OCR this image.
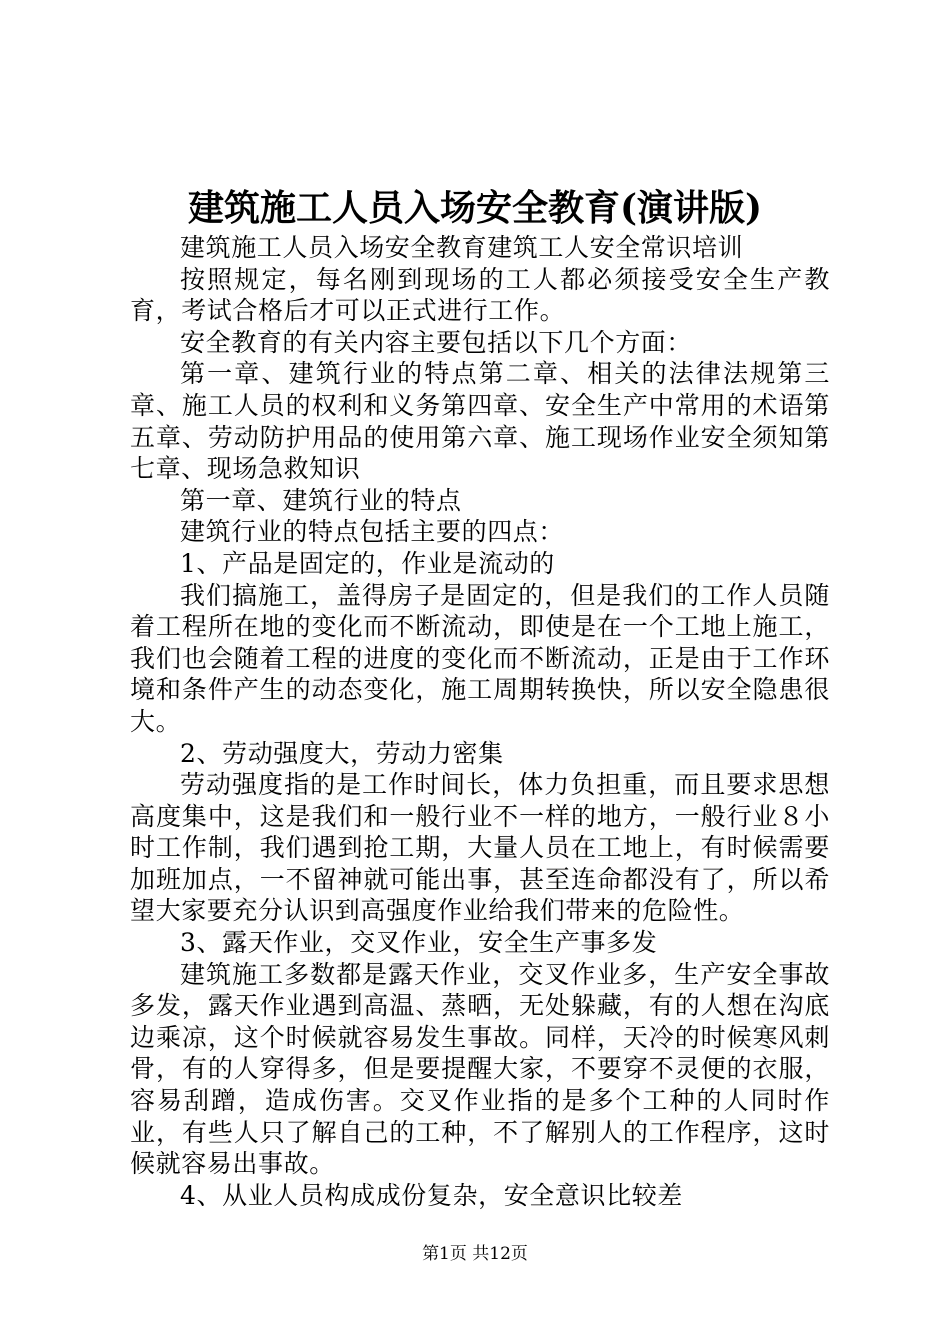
建筑施工人员入场安全教育(演讲版)

建筑施工人员入场安全教育建筑工人安全常识培训

按照规定，每名刚到现场的工人都必须接受安全生产教育，考试合格后才可以正式进行工作。

安全教育的有关内容主要包括以下几个方面：

第一章、建筑行业的特点第二章、相关的法律法规第三章、施工人员的权利和义务第四章、安全生产中常用的术语第五章、劳动防护用品的使用第六章、施工现场作业安全须知第七章、现场急救知识

第一章、建筑行业的特点

建筑行业的特点包括主要的四点：

1、产品是固定的，作业是流动的

我们搞施工，盖得房子是固定的，但是我们的工作人员随着工程所在地的变化而不断流动，即使是在一个工地上施工，我们也会随着工程的进度的变化而不断流动，正是由于工作环境和条件产生的动态变化，施工周期转换快，所以安全隐患很大。

2、劳动强度大，劳动力密集

劳动强度指的是工作时间长，体力负担重，而且要求思想高度集中，这是我们和一般行业不一样的地方，一般行业８小时工作制，我们遇到抢工期，大量人员在工地上，有时候需要加班加点，一不留神就可能出事，甚至连命都没有了，所以希望大家要充分认识到高强度作业给我们带来的危险性。

3、露天作业，交叉作业，安全生产事多发

建筑施工多数都是露天作业，交叉作业多，生产安全事故多发，露天作业遇到高温、蒸晒，无处躲藏，有的人想在沟底边乘凉，这个时候就容易发生事故。同样，天冷的时候寒风刺骨，有的人穿得多，但是要提醒大家，不要穿不灵便的衣服，容易刮蹭，造成伤害。交叉作业指的是多个工种的人同时作业，有些人只了解自己的工种，不了解别人的工作程序，这时候就容易出事故。

4、从业人员构成成份复杂，安全意识比较差

第1页 共12页
